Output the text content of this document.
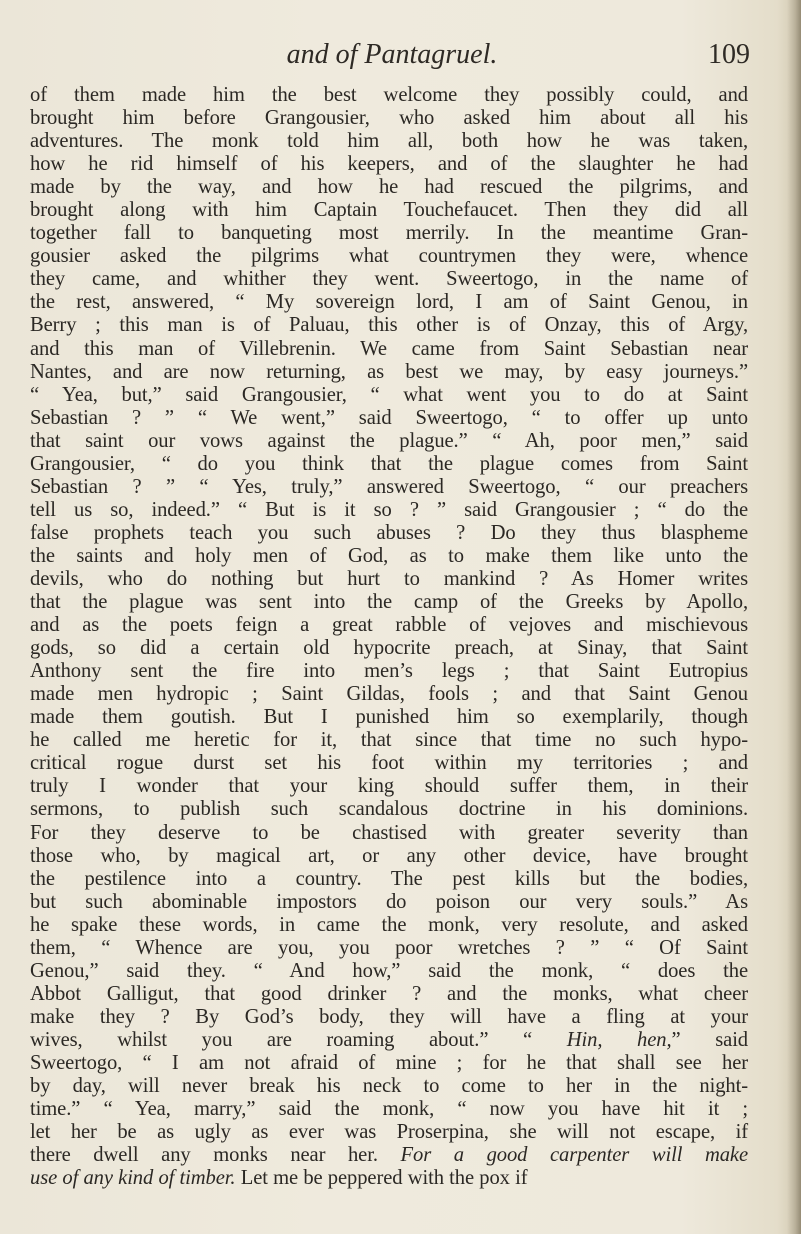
and of Pantagruel.	109
of them made him the best welcome they possibly could, and
brought him before Grangousier, who asked him about all his
adventures. The monk told him all, both how he was taken,
how he rid himself of his keepers, and of the slaughter he had
made by the way, and how he had rescued the pilgrims, and
brought along with him Captain Touchefaucet. Then they did all
together fall to banqueting most merrily. In the meantime Gran-
gousier asked the pilgrims what countrymen they were, whence
they came, and whither they went. Sweertogo, in the name of
the rest, answered, “ My sovereign lord, I am of Saint Genou, in
Berry ; this man is of Paluau, this other is of Onzay, this of Argy,
and this man of Villebrenin. We came from Saint Sebastian near
Nantes, and are now returning, as best we may, by easy journeys.”
“ Yea, but,” said Grangousier, “ what went you to do at Saint
Sebastian ? ” “ We went,” said Sweertogo, “ to offer up unto
that saint our vows against the plague.” “ Ah, poor men,” said
Grangousier, “ do you think that the plague comes from Saint
Sebastian ? ” “ Yes, truly,” answered Sweertogo, “ our preachers
tell us so, indeed.” “ But is it so ? ” said Grangousier ; “ do the
false prophets teach you such abuses ? Do they thus blaspheme
the saints and holy men of God, as to make them like unto the
devils, who do nothing but hurt to mankind ? As Homer writes
that the plague was sent into the camp of the Greeks by Apollo,
and as the poets feign a great rabble of vejoves and mischievous
gods, so did a certain old hypocrite preach, at Sinay, that Saint
Anthony sent the fire into men’s legs ; that Saint Eutropius
made men hydropic ; Saint Gildas, fools ; and that Saint Genou
made them goutish. But I punished him so exemplarily, though
he called me heretic for it, that since that time no such hypo-
critical rogue durst set his foot within my territories ; and
truly I wonder that your king should suffer them, in their
sermons, to publish such scandalous doctrine in his dominions.
For they deserve to be chastised with greater severity than
those who, by magical art, or any other device, have brought
the pestilence into a country. The pest kills but the bodies,
but such abominable impostors do poison our very souls.” As
he spake these words, in came the monk, very resolute, and asked
them, “ Whence are you, you poor wretches ? ” “ Of Saint
Genou,” said they. “ And how,” said the monk, “ does the
Abbot Galligut, that good drinker ? and the monks, what cheer
make they ? By God’s body, they will have a fling at your
wives, whilst you are roaming about.” “ Hin, hen,” said
Sweertogo, “ I am not afraid of mine ; for he that shall see her
by day, will never break his neck to come to her in the night-
time.” “ Yea, marry,” said the monk, “ now you have hit it ;
let her be as ugly as ever was Proserpina, she will not escape, if
there dwell any monks near her. For a good carpenter will make
use of any kind of timber. Let me be peppered with the pox if
